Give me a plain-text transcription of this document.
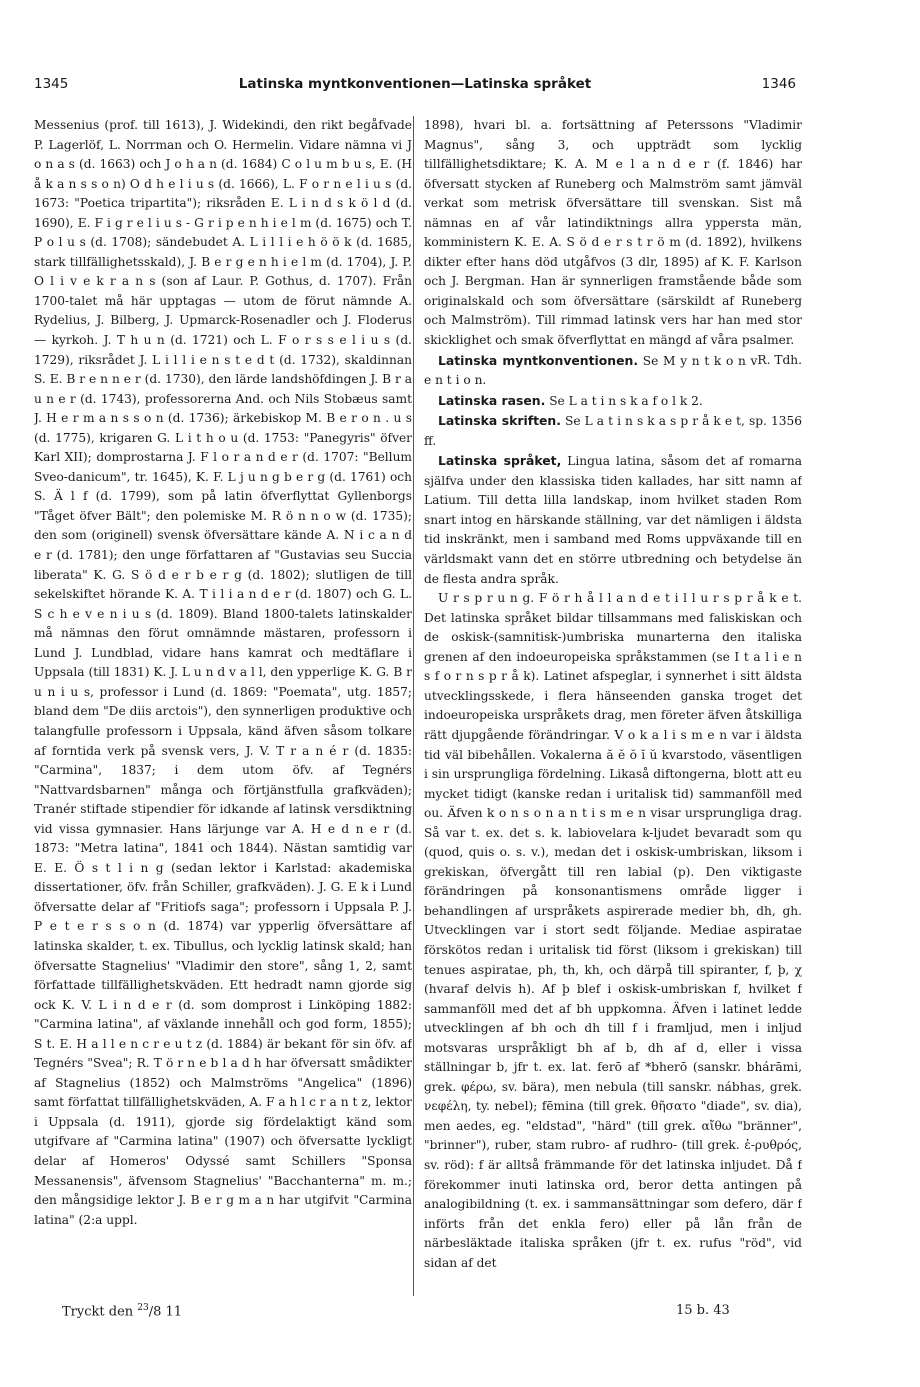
1345	Latinska myntkonventionen—Latinska språket	1346

Messenius (prof. till 1613), J. Widekindi, den rikt begåfvade P. Lagerlöf, L. Norrman och O. Hermelin. Vidare nämna vi J o n a s (d. 1663) och J o h a n (d. 1684) C o l u m b u s, E. (H å k a n s s o n) O d h e l i u s (d. 1666), L. F o r n e l i u s (d. 1673: "Poetica tripartita"); riksråden E. L i n d s k ö l d (d. 1690), E. F i g r e l i u s - G r i p e n h i e l m (d. 1675) och T. P o l u s (d. 1708); sändebudet A. L i l l i e h ö ö k (d. 1685, stark tillfällighetsskald), J. B e r g e n h i e l m (d. 1704), J. P. O l i v e k r a n s (son af Laur. P. Gothus, d. 1707). Från 1700-talet må här upptagas — utom de förut nämnde A. Rydelius, J. Bilberg, J. Upmarck-Rosenadler och J. Floderus — kyrkoh. J. T h u n (d. 1721) och L. F o r s s e l i u s (d. 1729), riksrådet J. L i l l i e n s t e d t (d. 1732), skaldinnan S. E. B r e n n e r (d. 1730), den lärde landshöfdingen J. B r a u n e r (d. 1743), professorerna And. och Nils Stobæus samt J. H e r m a n s s o n (d. 1736); ärkebiskop M. B e r o n . u s (d. 1775), krigaren G. L i t h o u (d. 1753: "Panegyris" öfver Karl XII); domprostarna J. F l o r a n d e r (d. 1707: "Bellum Sveo-danicum", tr. 1645), K. F. L j u n g b e r g (d. 1761) och S. Ä l f (d. 1799), som på latin öfverflyttat Gyllenborgs "Tåget öfver Bält"; den polemiske M. R ö n n o w (d. 1735); den som (originell) svensk öfversättare kände A. N i c a n d e r (d. 1781); den unge författaren af "Gustavias seu Succia liberata" K. G. S ö d e r b e r g (d. 1802); slutligen de till sekelskiftet hörande K. A. T i l i a n d e r (d. 1807) och G. L. S c h e v e n i u s (d. 1809). Bland 1800-talets latinskalder må nämnas den förut omnämnde mästaren, professorn i Lund J. Lundblad, vidare hans kamrat och medtäflare i Uppsala (till 1831) K. J. L u n d v a l l, den ypperlige K. G. B r u n i u s, professor i Lund (d. 1869: "Poemata", utg. 1857; bland dem "De diis arctois"), den synnerligen produktive och talangfulle professorn i Uppsala, känd äfven såsom tolkare af forntida verk på svensk vers, J. V. T r a n é r (d. 1835: "Carmina", 1837; i dem utom öfv. af Tegnérs "Nattvardsbarnen" många och förtjänstfulla grafkväden); Tranér stiftade stipendier för idkande af latinsk versdiktning vid vissa gymnasier. Hans lärjunge var A. H e d n e r (d. 1873: "Metra latina", 1841 och 1844). Nästan samtidig var E. E. Ö s t l i n g (sedan lektor i Karlstad: akademiska dissertationer, öfv. från Schiller, grafkväden). J. G. E k i Lund öfversatte delar af "Fritiofs saga"; professorn i Uppsala P. J. P e t e r s s o n (d. 1874) var ypperlig öfversättare af latinska skalder, t. ex. Tibullus, och lycklig latinsk skald; han öfversatte Stagnelius' "Vladimir den store", sång 1, 2, samt författade tillfällighetskväden. Ett hedradt namn gjorde sig ock K. V. L i n d e r (d. som domprost i Linköping 1882: "Carmina latina", af växlande innehåll och god form, 1855); S t. E. H a l l e n c r e u t z (d. 1884) är bekant för sin öfv. af Tegnérs "Svea"; R. T ö r n e b l a d h har öfversatt smådikter af Stagnelius (1852) och Malmströms "Angelica" (1896) samt författat tillfällighetskväden, A. F a h l c r a n t z, lektor i Uppsala (d. 1911), gjorde sig fördelaktigt känd som utgifvare af "Carmina latina" (1907) och öfversatte lyckligt delar af Homeros' Odyssé samt Schillers "Sponsa Messanensis", äfvensom Stagnelius' "Bacchanterna" m. m.; den mångsidige lektor J. B e r g m a n har utgifvit "Carmina latina" (2:a uppl.

1898), hvari bl. a. fortsättning af Peterssons "Vladimir Magnus", sång 3, och uppträdt som lycklig tillfällighetsdiktare; K. A. M e l a n d e r (f. 1846) har öfversatt stycken af Runeberg och Malmström samt jämväl verkat som metrisk öfversättare till svenskan. Sist må nämnas en af vår latindiktnings allra yppersta män, komministern K. E. A. S ö d e r s t r ö m (d. 1892), hvilkens dikter efter hans död utgåfvos (3 dlr, 1895) af K. F. Karlson och J. Bergman. Han är synnerligen framstående både som originalskald och som öfversättare (särskildt af Runeberg och Malmström). Till rimmad latinsk vers har han med stor skicklighet och smak öfverflyttat en mängd af våra psalmer.
R. Tdh.

Latinska myntkonventionen. Se M y n t k o n v e n t i o n.

Latinska rasen. Se L a t i n s k a f o l k 2.

Latinska skriften. Se L a t i n s k a s p r å k e t, sp. 1356 ff.

Latinska språket, Lingua latina, såsom det af romarna själfva under den klassiska tiden kallades, har sitt namn af Latium. Till detta lilla landskap, inom hvilket staden Rom snart intog en härskande ställning, var det nämligen i äldsta tid inskränkt, men i samband med Roms uppväxande till en världsmakt vann det en större utbredning och betydelse än de flesta andra språk.

U r s p r u n g. F ö r h å l l a n d e t i l l u r s p r å k e t. Det latinska språket bildar tillsammans med faliskiskan och de oskisk-(samnitisk-)umbriska munarterna den italiska grenen af den indoeuropeiska språkstammen (se I t a l i e n s f o r n s p r å k). Latinet afspeglar, i synnerhet i sitt äldsta utvecklingsskede, i flera hänseenden ganska troget det indoeuropeiska urspråkets drag, men företer äfven åtskilliga rätt djupgående förändringar. V o k a l i s m e n var i äldsta tid väl bibehållen. Vokalerna ă ĕ ŏ ĭ ŭ kvarstodo, väsentligen i sin ursprungliga fördelning. Likaså diftongerna, blott att eu mycket tidigt (kanske redan i uritalisk tid) sammanföll med ou. Äfven k o n s o n a n t i s m e n visar ursprungliga drag. Så var t. ex. det s. k. labiovelara k-ljudet bevaradt som qu (quod, quis o. s. v.), medan det i oskisk-umbriskan, liksom i grekiskan, öfvergått till ren labial (p). Den viktigaste förändringen på konsonantismens område ligger i behandlingen af urspråkets aspirerade medier bh, dh, gh. Utvecklingen var i stort sedt följande. Mediae aspiratae förskötos redan i uritalisk tid först (liksom i grekiskan) till tenues aspiratae, ph, th, kh, och därpå till spiranter, f, þ, χ (hvaraf delvis h). Af þ blef i oskisk-umbriskan f, hvilket f sammanföll med det af bh uppkomna. Äfven i latinet ledde utvecklingen af bh och dh till f i framljud, men i inljud motsvaras urspråkligt bh af b, dh af d, eller i vissa ställningar b, jfr t. ex. lat. ferō af *bherō (sanskr. bhárāmi, grek. φέρω, sv. bära), men nebula (till sanskr. nábhas, grek. νεφέλη, ty. nebel); fēmina (till grek. θῆσατο "diade", sv. dia), men aedes, eg. "eldstad", "härd" (till grek. αἴθω "bränner", "brinner"), ruber, stam rubro- af rudhro- (till grek. ἐ-ρυθρός, sv. röd): f är alltså främmande för det latinska inljudet. Då f förekommer inuti latinska ord, beror detta antingen på analogibildning (t. ex. i sammansättningar som defero, där f införts från det enkla fero) eller på lån från de närbesläktade italiska språken (jfr t. ex. rufus "röd", vid sidan af det

Tryckt den $^{23}$/8 11	15 b. 43
